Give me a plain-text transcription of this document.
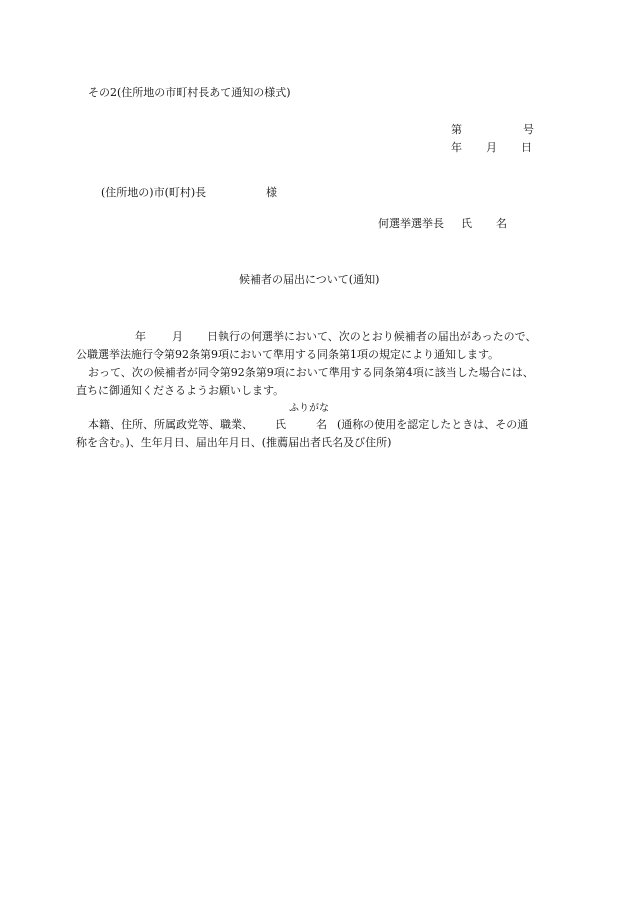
その2(住所地の市町村長あて通知の様式)
第	号
年 月 日
(住所地の)市(町村)長	様
何選挙選挙長 氏 名
候補者の届出について(通知)
年 月 日執行の何選挙において、次のとおり候補者の届出があったので、
公職選挙法施行令第92条第9項において準用する同条第1項の規定により通知します。
おって、次の候補者が同令第92条第9項において準用する同条第4項に該当した場合には、
直ちに御通知くださるようお願いします。
ふりがな
本籍、住所、所属政党等、職業、 氏	名 (通称の使用を認定したときは、その通
称を含む。)、生年月日、届出年月日、(推薦届出者氏名及び住所)
